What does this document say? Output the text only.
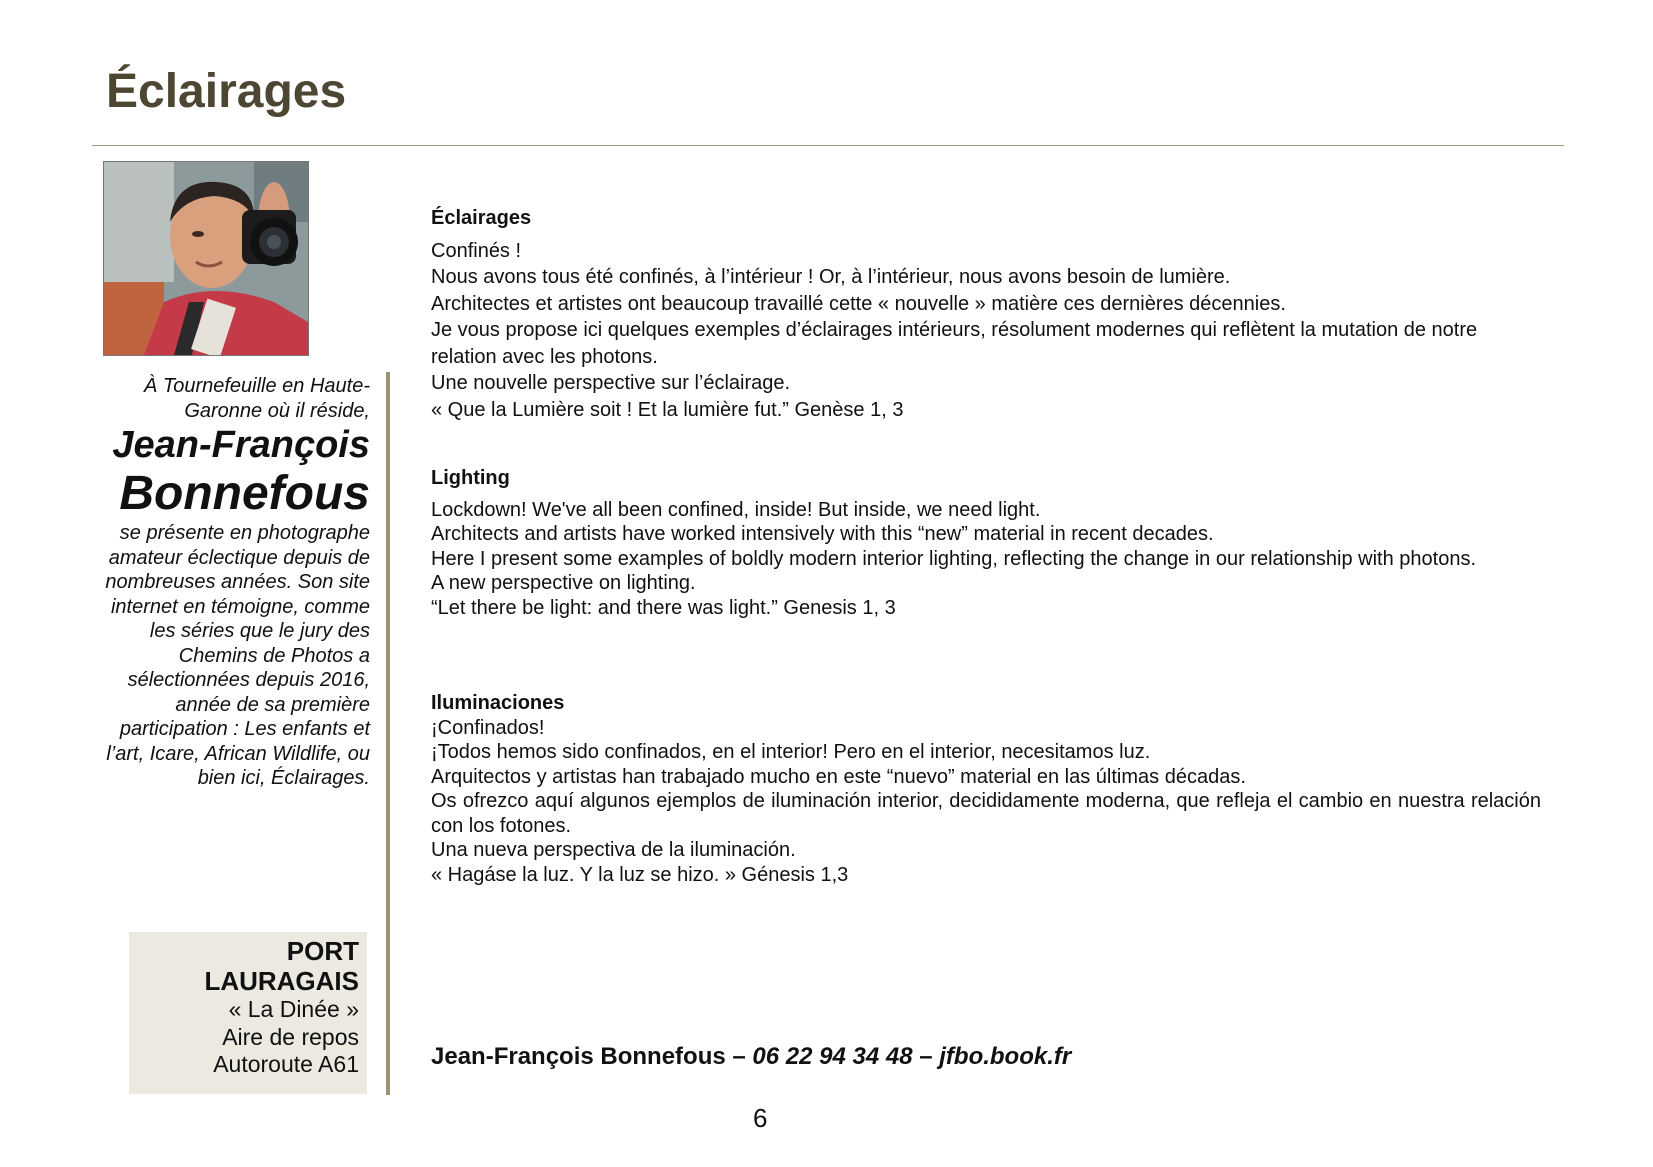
Éclairages

À Tournefeuille en Haute-Garonne où il réside,

Jean-François

Bonnefous

se présente en photographe amateur éclectique depuis de nombreuses années. Son site internet en témoigne, comme les séries que le jury des Chemins de Photos a sélectionnées depuis 2016, année de sa première participation : Les enfants et l’art, Icare, African Wildlife, ou bien ici, Éclairages.

PORT LAURAGAIS
« La Dinée »
Aire de repos
Autoroute A61
Éclairages

Confinés !

Nous avons tous été confinés, à l’intérieur ! Or, à l’intérieur, nous avons besoin de lumière.

Architectes et artistes ont beaucoup travaillé cette « nouvelle » matière ces dernières décennies.

Je vous propose ici quelques exemples d’éclairages intérieurs, résolument modernes qui reflètent la mutation de notre relation avec les photons.

Une nouvelle perspective sur l’éclairage.

« Que la Lumière soit ! Et la lumière fut.” Genèse 1, 3

Lighting

Lockdown! We've all been confined, inside! But inside, we need light.

Architects and artists have worked intensively with this “new” material in recent decades.

Here I present some examples of boldly modern interior lighting, reflecting the change in our relationship with photons.

A new perspective on lighting.

“Let there be light: and there was light.” Genesis 1, 3

Iluminaciones

¡Confinados!

¡Todos hemos sido confinados, en el interior! Pero en el interior, necesitamos luz.

Arquitectos y artistas han trabajado mucho en este “nuevo” material en las últimas décadas.

Os ofrezco aquí algunos ejemplos de iluminación interior, decididamente moderna, que refleja el cambio en nuestra relación con los fotones.

Una nueva perspectiva de la iluminación.

« Hagáse la luz. Y la luz se hizo. » Génesis 1,3

Jean-François Bonnefous – 06 22 94 34 48 – jfbo.book.fr
6
